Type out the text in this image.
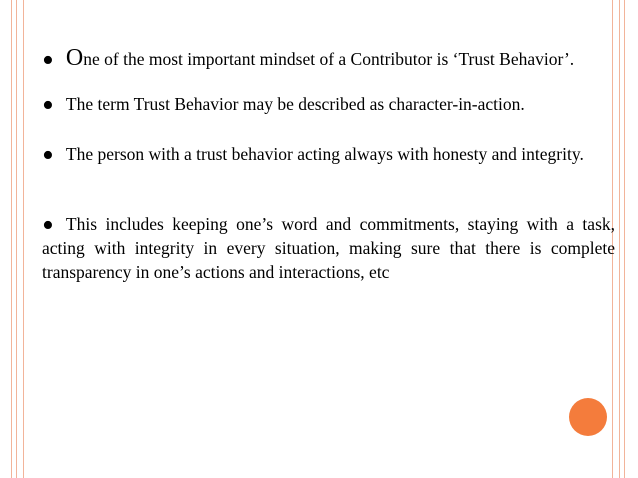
• One of the most important mindset of a Contributor is ‘Trust Behavior’.

• The term Trust Behavior may be described as character-in-action.

• The person with a trust behavior acting always with honesty and integrity.

• This includes keeping one’s word and commitments, staying with a task, acting with integrity in every situation, making sure that there is complete transparency in one’s actions and interactions, etc
